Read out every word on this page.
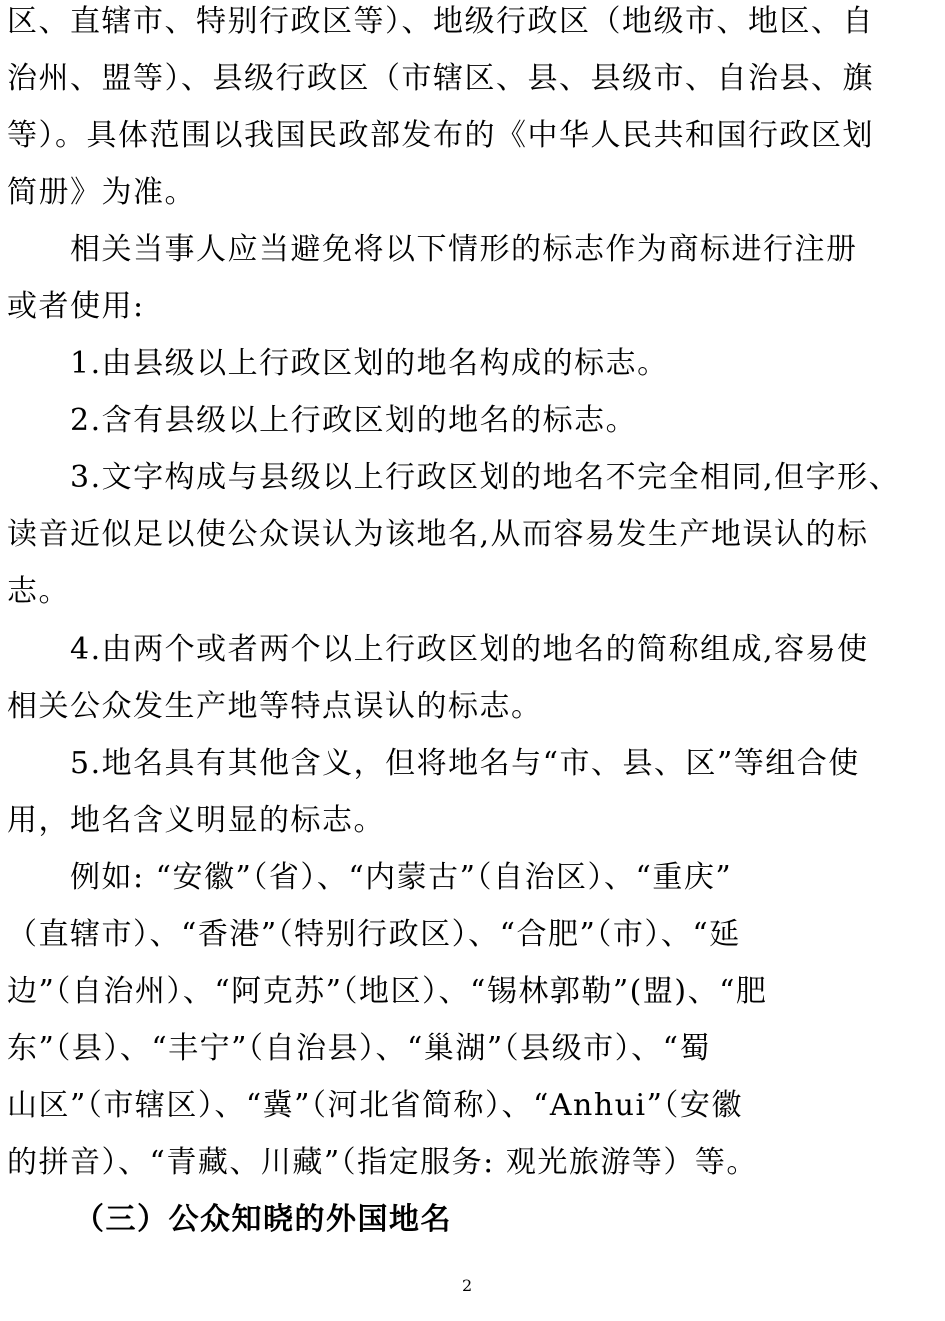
区、直辖市、特别行政区等）、地级行政区（地级市、地区、自
治州、盟等）、县级行政区（市辖区、县、县级市、自治县、旗
等）。具体范围以我国民政部发布的《中华人民共和国行政区划
简册》为准。
相关当事人应当避免将以下情形的标志作为商标进行注册
或者使用:
1.由县级以上行政区划的地名构成的标志。
2.含有县级以上行政区划的地名的标志。
3.文字构成与县级以上行政区划的地名不完全相同,但字形、
读音近似足以使公众误认为该地名,从而容易发生产地误认的标
志。
4.由两个或者两个以上行政区划的地名的简称组成,容易使
相关公众发生产地等特点误认的标志。
5.地名具有其他含义，但将地名与“市、县、区”等组合使
用，地名含义明显的标志。
例如: “安徽”（省）、“内蒙古”（自治区）、“重庆”
（直辖市）、“香港”（特别行政区）、“合肥”（市）、“延
边”（自治州）、“阿克苏”（地区）、“锡林郭勒”(盟)、“肥
东”（县）、“丰宁”（自治县）、“巢湖”（县级市）、“蜀
山区”（市辖区）、“冀”（河北省简称）、“Anhui”（安徽
的拼音）、“青藏、川藏”（指定服务: 观光旅游等）等。
（三）公众知晓的外国地名
2
